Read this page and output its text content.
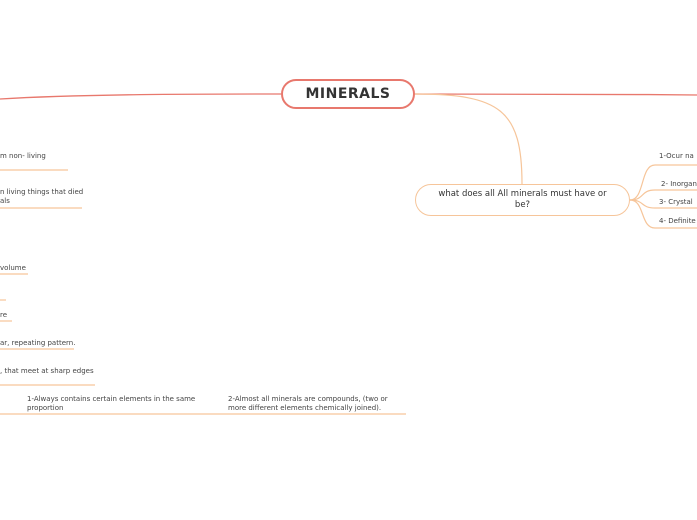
MINERALS
what does all All minerals must have or be?
1-Ocur na
2- Inorgan
3- Crystal
4- Definite
m non- living
n living things that died
als
volume
re
ar, repeating pattern.
, that meet at sharp edges
1-Always contains certain elements in the same proportion
2-Almost all minerals are compounds, (two or more different elements chemically joined).
